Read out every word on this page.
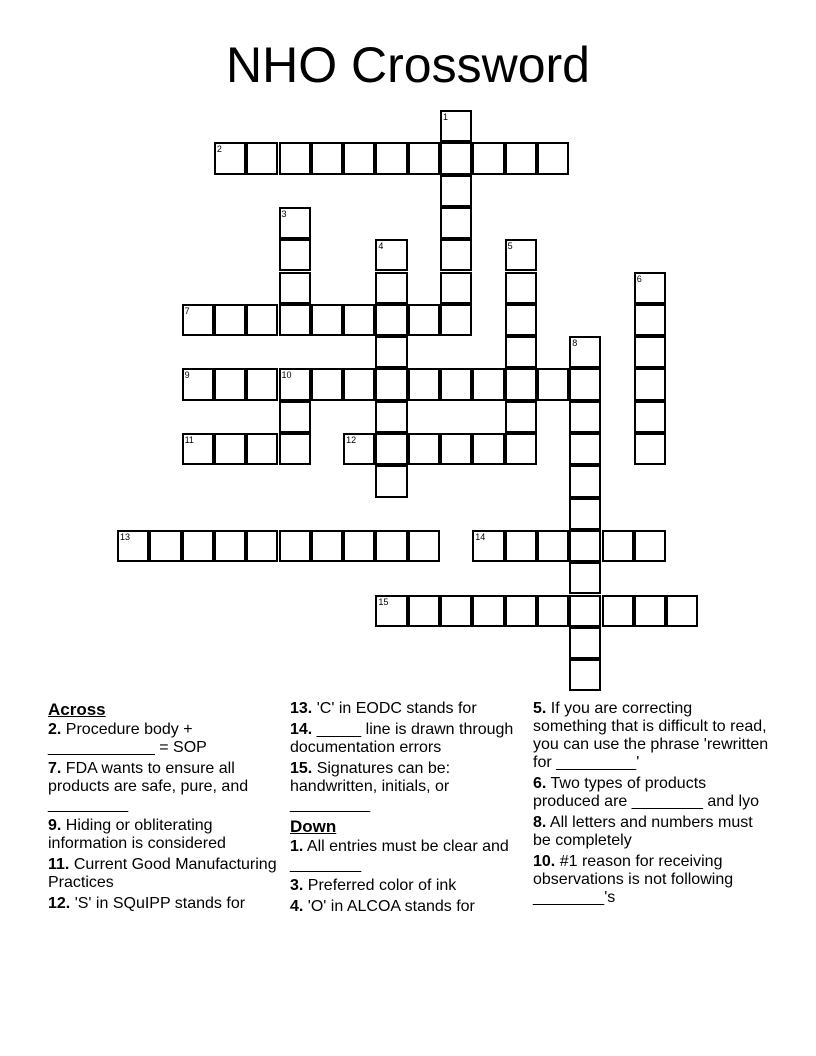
NHO Crossword
1
2
3
4	5
6
7
8
9	10
11	12
13	14
15
Across
2. Procedure body + ____________ = SOP
7. FDA wants to ensure all products are safe, pure, and _________
9. Hiding or obliterating information is considered
11. Current Good Manufacturing Practices
12. 'S' in SQuIPP stands for
13. 'C' in EODC stands for
14. _____ line is drawn through documentation errors
15. Signatures can be: handwritten, initials, or _________
Down
1. All entries must be clear and ________
3. Preferred color of ink
4. 'O' in ALCOA stands for
5. If you are correcting something that is difficult to read, you can use the phrase 'rewritten for _________'
6. Two types of products produced are ________ and lyo
8. All letters and numbers must be completely
10. #1 reason for receiving observations is not following ________'s
